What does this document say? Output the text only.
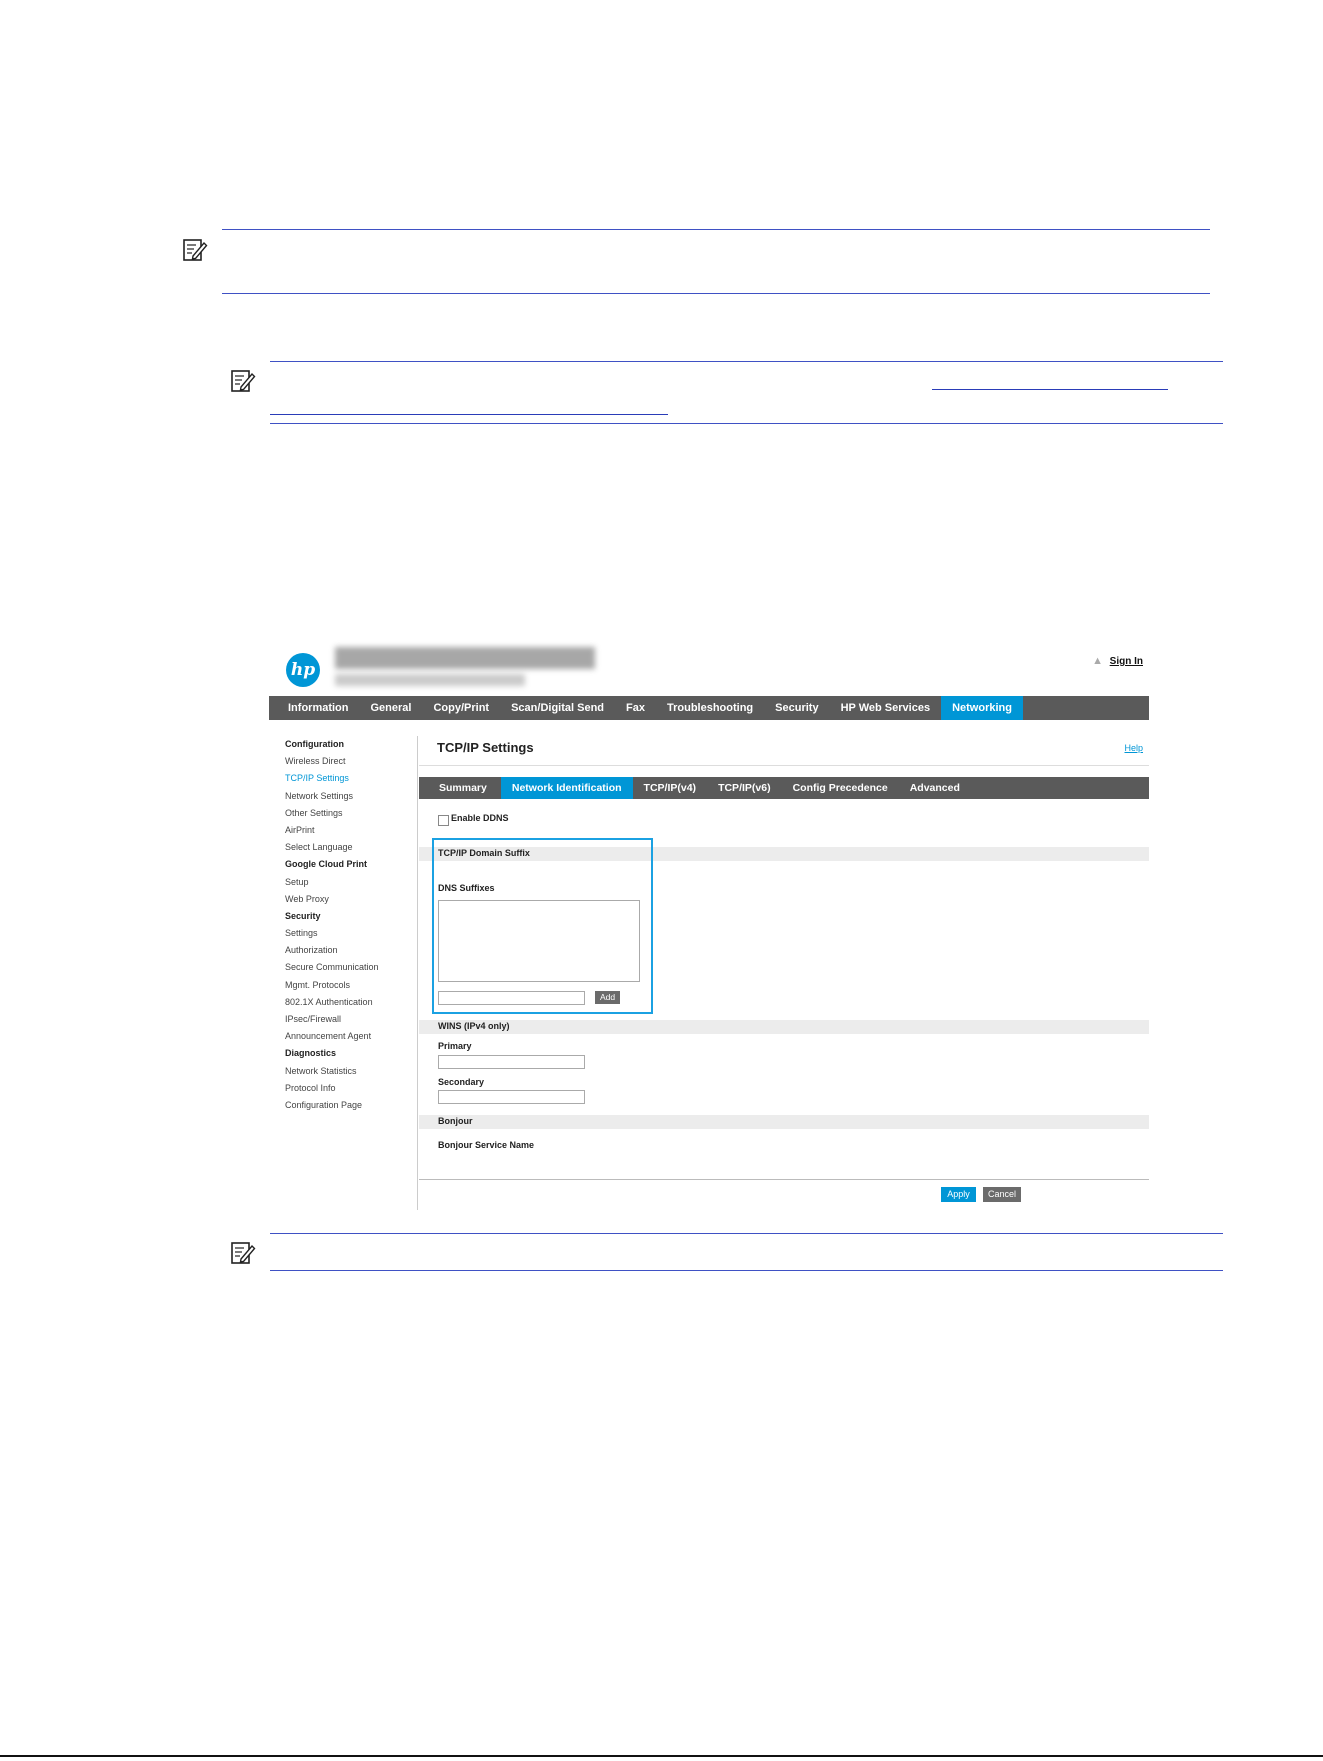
hp	▲ Sign In
Information	General	Copy/Print	Scan/Digital Send	Fax	Troubleshooting	Security	HP Web Services	Networking
Configuration
Wireless Direct
TCP/IP Settings
Network Settings
Other Settings
AirPrint
Select Language
Google Cloud Print
Setup
Web Proxy
Security
Settings
Authorization
Secure Communication
Mgmt. Protocols
802.1X Authentication
IPsec/Firewall
Announcement Agent
Diagnostics
Network Statistics
Protocol Info
Configuration Page
TCP/IP Settings	Help
Summary	Network Identification	TCP/IP(v4)	TCP/IP(v6)	Config Precedence	Advanced
Enable DDNS
TCP/IP Domain Suffix
DNS Suffixes
Add
WINS (IPv4 only)
Primary
Secondary
Bonjour
Bonjour Service Name
Apply	Cancel
